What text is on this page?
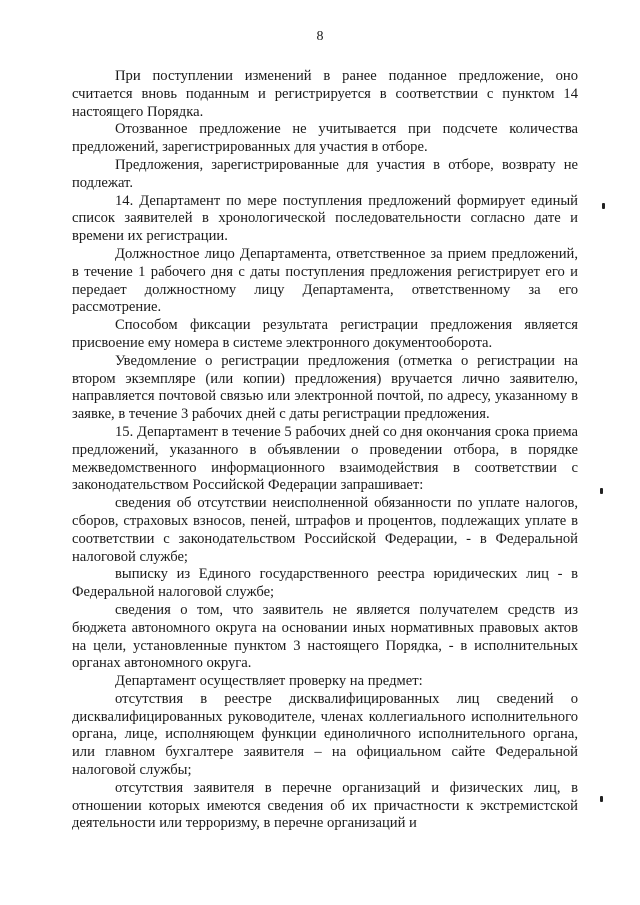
8

При поступлении изменений в ранее поданное предложение, оно считается вновь поданным и регистрируется в соответствии с пунктом 14 настоящего Порядка.

Отозванное предложение не учитывается при подсчете количества предложений, зарегистрированных для участия в отборе.

Предложения, зарегистрированные для участия в отборе, возврату не подлежат.

14. Департамент по мере поступления предложений формирует единый список заявителей в хронологической последовательности согласно дате и времени их регистрации.

Должностное лицо Департамента, ответственное за прием предложений, в течение 1 рабочего дня с даты поступления предложения регистрирует его и передает должностному лицу Департамента, ответственному за его рассмотрение.

Способом фиксации результата регистрации предложения является присвоение ему номера в системе электронного документооборота.

Уведомление о регистрации предложения (отметка о регистрации на втором экземпляре (или копии) предложения) вручается лично заявителю, направляется почтовой связью или электронной почтой, по адресу, указанному в заявке, в течение 3 рабочих дней с даты регистрации предложения.

15. Департамент в течение 5 рабочих дней со дня окончания срока приема предложений, указанного в объявлении о проведении отбора, в порядке межведомственного информационного взаимодействия в соответствии с законодательством Российской Федерации запрашивает:

сведения об отсутствии неисполненной обязанности по уплате налогов, сборов, страховых взносов, пеней, штрафов и процентов, подлежащих уплате в соответствии с законодательством Российской Федерации, - в Федеральной налоговой службе;

выписку из Единого государственного реестра юридических лиц - в Федеральной налоговой службе;

сведения о том, что заявитель не является получателем средств из бюджета автономного округа на основании иных нормативных правовых актов на цели, установленные пунктом 3 настоящего Порядка, - в исполнительных органах автономного округа.

Департамент осуществляет проверку на предмет:

отсутствия в реестре дисквалифицированных лиц сведений о дисквалифицированных руководителе, членах коллегиального исполнительного органа, лице, исполняющем функции единоличного исполнительного органа, или главном бухгалтере заявителя – на официальном сайте Федеральной налоговой службы;

отсутствия заявителя в перечне организаций и физических лиц, в отношении которых имеются сведения об их причастности к экстремистской деятельности или терроризму, в перечне организаций и
